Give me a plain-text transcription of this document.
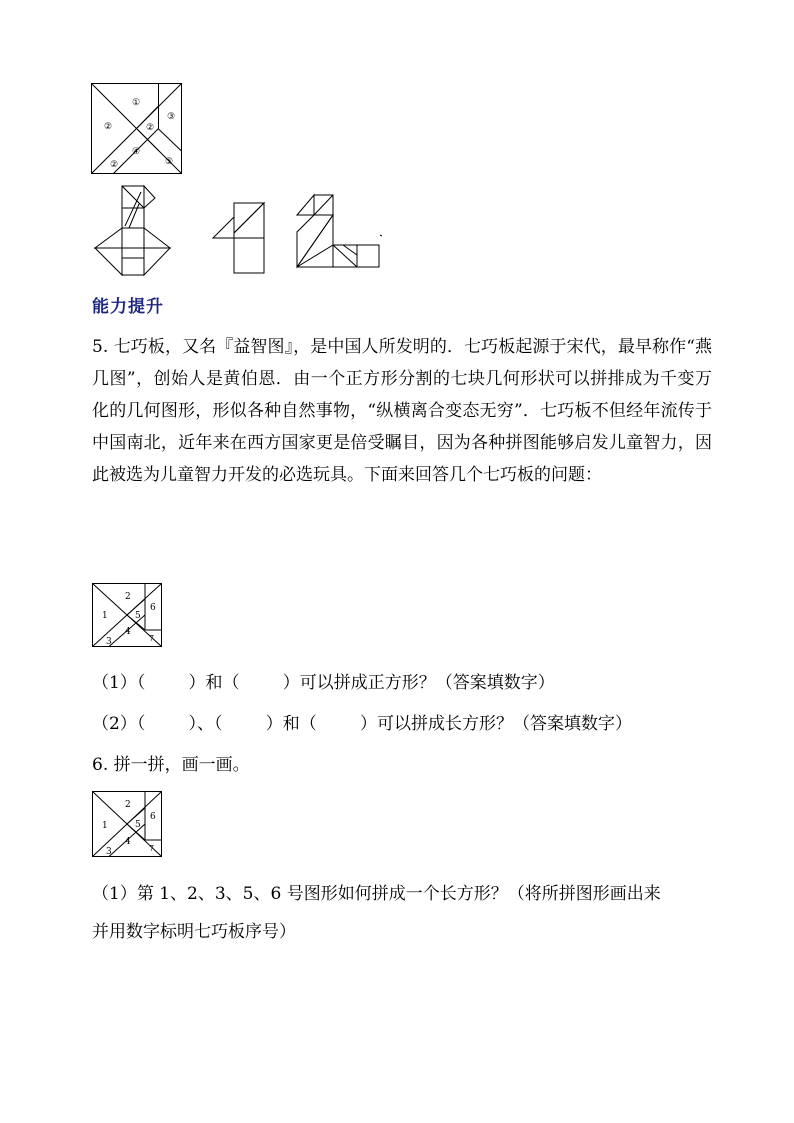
①
②	②
③
④
⑤
②
能力提升
5. 七巧板，又名『益智图』，是中国人所发明的．七巧板起源于宋代，最早称作“燕几图”，创始人是黄伯恩．由一个正方形分割的七块几何形状可以拼排成为千变万化的几何图形，形似各种自然事物，“纵横离合变态无穷”．七巧板不但经年流传于中国南北，近年来在西方国家更是倍受瞩目，因为各种拼图能够启发儿童智力，因此被选为儿童智力开发的必选玩具。下面来回答几个七巧板的问题：
1
2
3
4
5
6
7
（1）（        ）和（        ）可以拼成正方形？（答案填数字）
（2）（        ）、（        ）和（        ）可以拼成长方形？（答案填数字）
6. 拼一拼，画一画。
1
2
3
4
5
6
7
（1）第 1、2、3、5、6 号图形如何拼成一个长方形？（将所拼图形画出来
并用数字标明七巧板序号）
